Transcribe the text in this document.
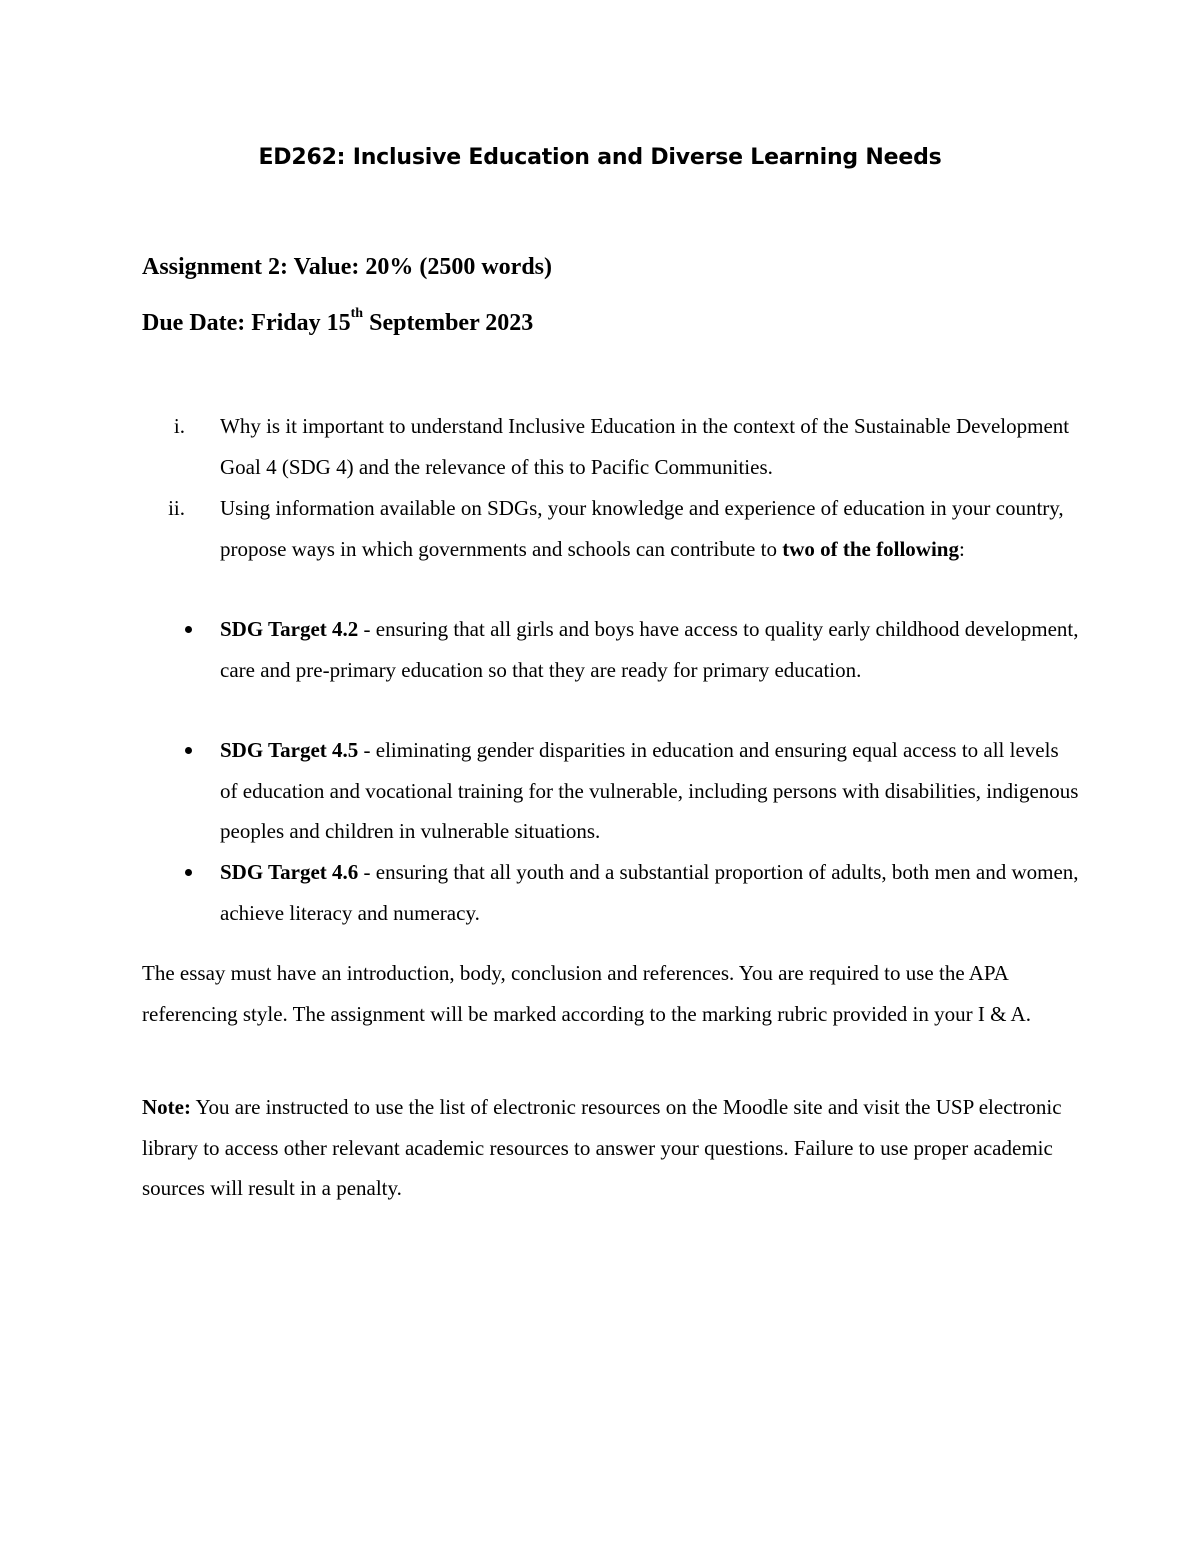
ED262: Inclusive Education and Diverse Learning Needs
Assignment 2: Value: 20% (2500 words)
Due Date: Friday 15th September 2023
i. Why is it important to understand Inclusive Education in the context of the Sustainable Development Goal 4 (SDG 4) and the relevance of this to Pacific Communities.
ii. Using information available on SDGs, your knowledge and experience of education in your country, propose ways in which governments and schools can contribute to two of the following:
SDG Target 4.2 - ensuring that all girls and boys have access to quality early childhood development, care and pre-primary education so that they are ready for primary education.
SDG Target 4.5 - eliminating gender disparities in education and ensuring equal access to all levels of education and vocational training for the vulnerable, including persons with disabilities, indigenous peoples and children in vulnerable situations.
SDG Target 4.6 - ensuring that all youth and a substantial proportion of adults, both men and women, achieve literacy and numeracy.
The essay must have an introduction, body, conclusion and references. You are required to use the APA referencing style. The assignment will be marked according to the marking rubric provided in your I & A.
Note: You are instructed to use the list of electronic resources on the Moodle site and visit the USP electronic library to access other relevant academic resources to answer your questions. Failure to use proper academic sources will result in a penalty.
